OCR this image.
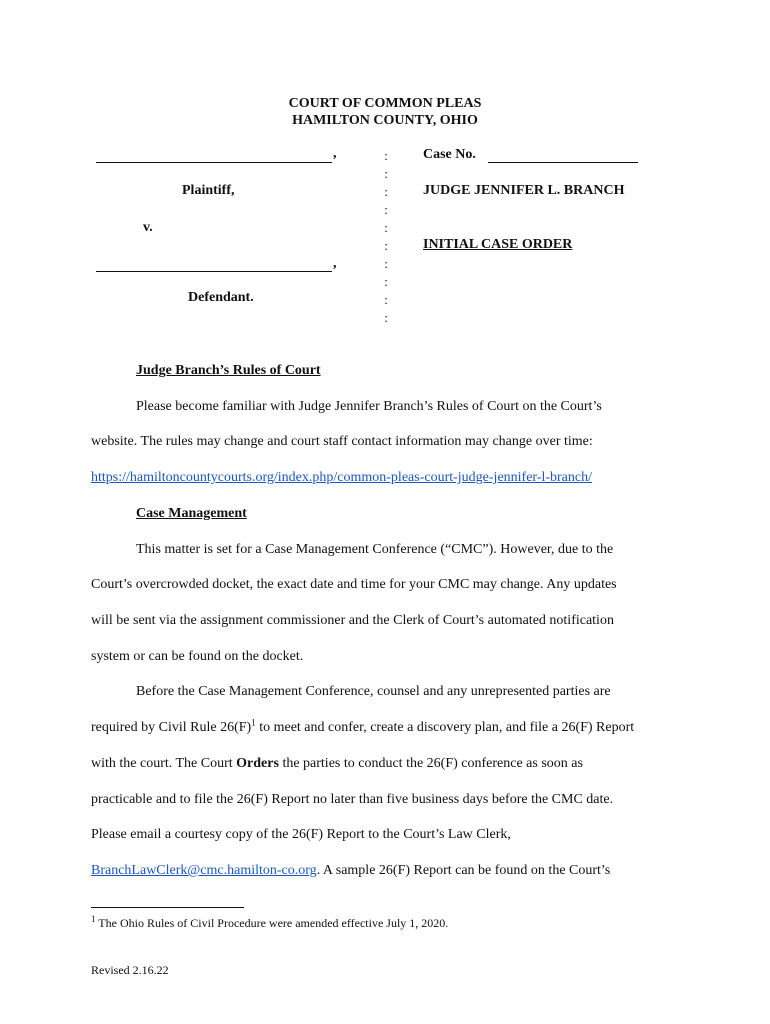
COURT OF COMMON PLEAS
HAMILTON COUNTY, OHIO
,
Plaintiff,
v.
,
Defendant.
:
:
:
:
:
:
:
:
:
:
Case No.
JUDGE JENNIFER L. BRANCH
INITIAL CASE ORDER
Judge Branch’s Rules of Court
Please become familiar with Judge Jennifer Branch’s Rules of Court on the Court’s
website. The rules may change and court staff contact information may change over time:
https://hamiltoncountycourts.org/index.php/common-pleas-court-judge-jennifer-l-branch/
Case Management
This matter is set for a Case Management Conference (“CMC”). However, due to the
Court’s overcrowded docket, the exact date and time for your CMC may change. Any updates
will be sent via the assignment commissioner and the Clerk of Court’s automated notification
system or can be found on the docket.
Before the Case Management Conference, counsel and any unrepresented parties are
required by Civil Rule $26(F)^1$ to meet and confer, create a discovery plan, and file a 26(F) Report
with the court. The Court Orders the parties to conduct the 26(F) conference as soon as
practicable and to file the 26(F) Report no later than five business days before the CMC date.
Please email a courtesy copy of the 26(F) Report to the Court’s Law Clerk,
BranchLawClerk@cmc.hamilton-co.org. A sample 26(F) Report can be found on the Court’s
$^1$ The Ohio Rules of Civil Procedure were amended effective July 1, 2020.
Revised 2.16.22
